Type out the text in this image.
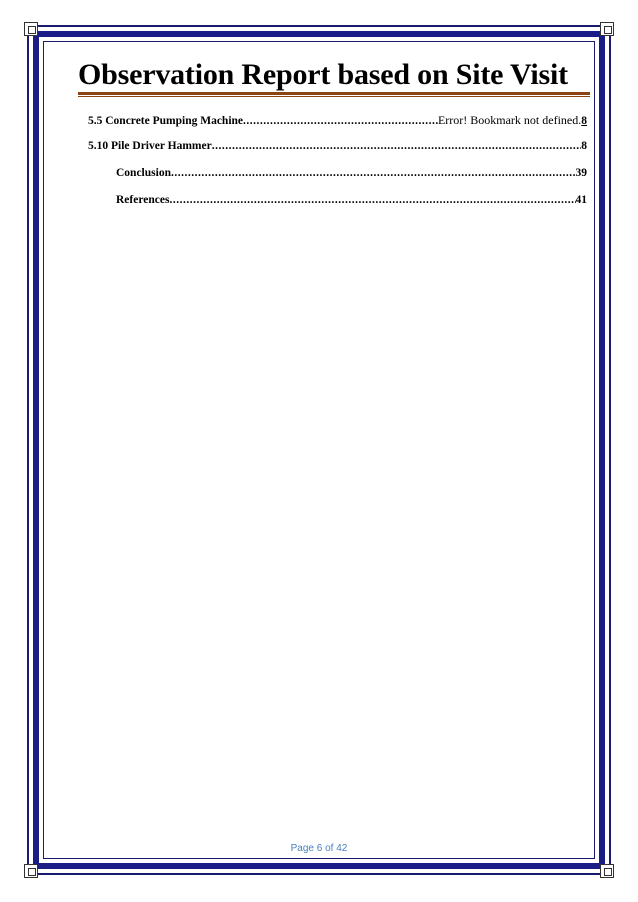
Observation Report based on Site Visit
5.5 Concrete Pumping Machine .....	Error! Bookmark not defined. 8
5.10 Pile Driver Hammer .....	8
Conclusion .....	39
References .....	41
Page 6 of 42
